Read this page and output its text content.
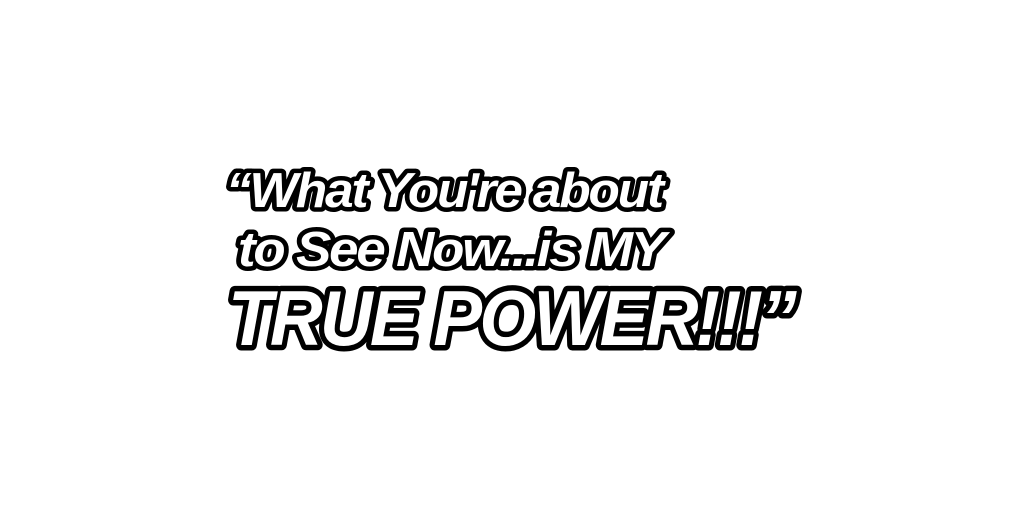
“What You're about
to See Now...is MY
TRUE POWER!!!”
